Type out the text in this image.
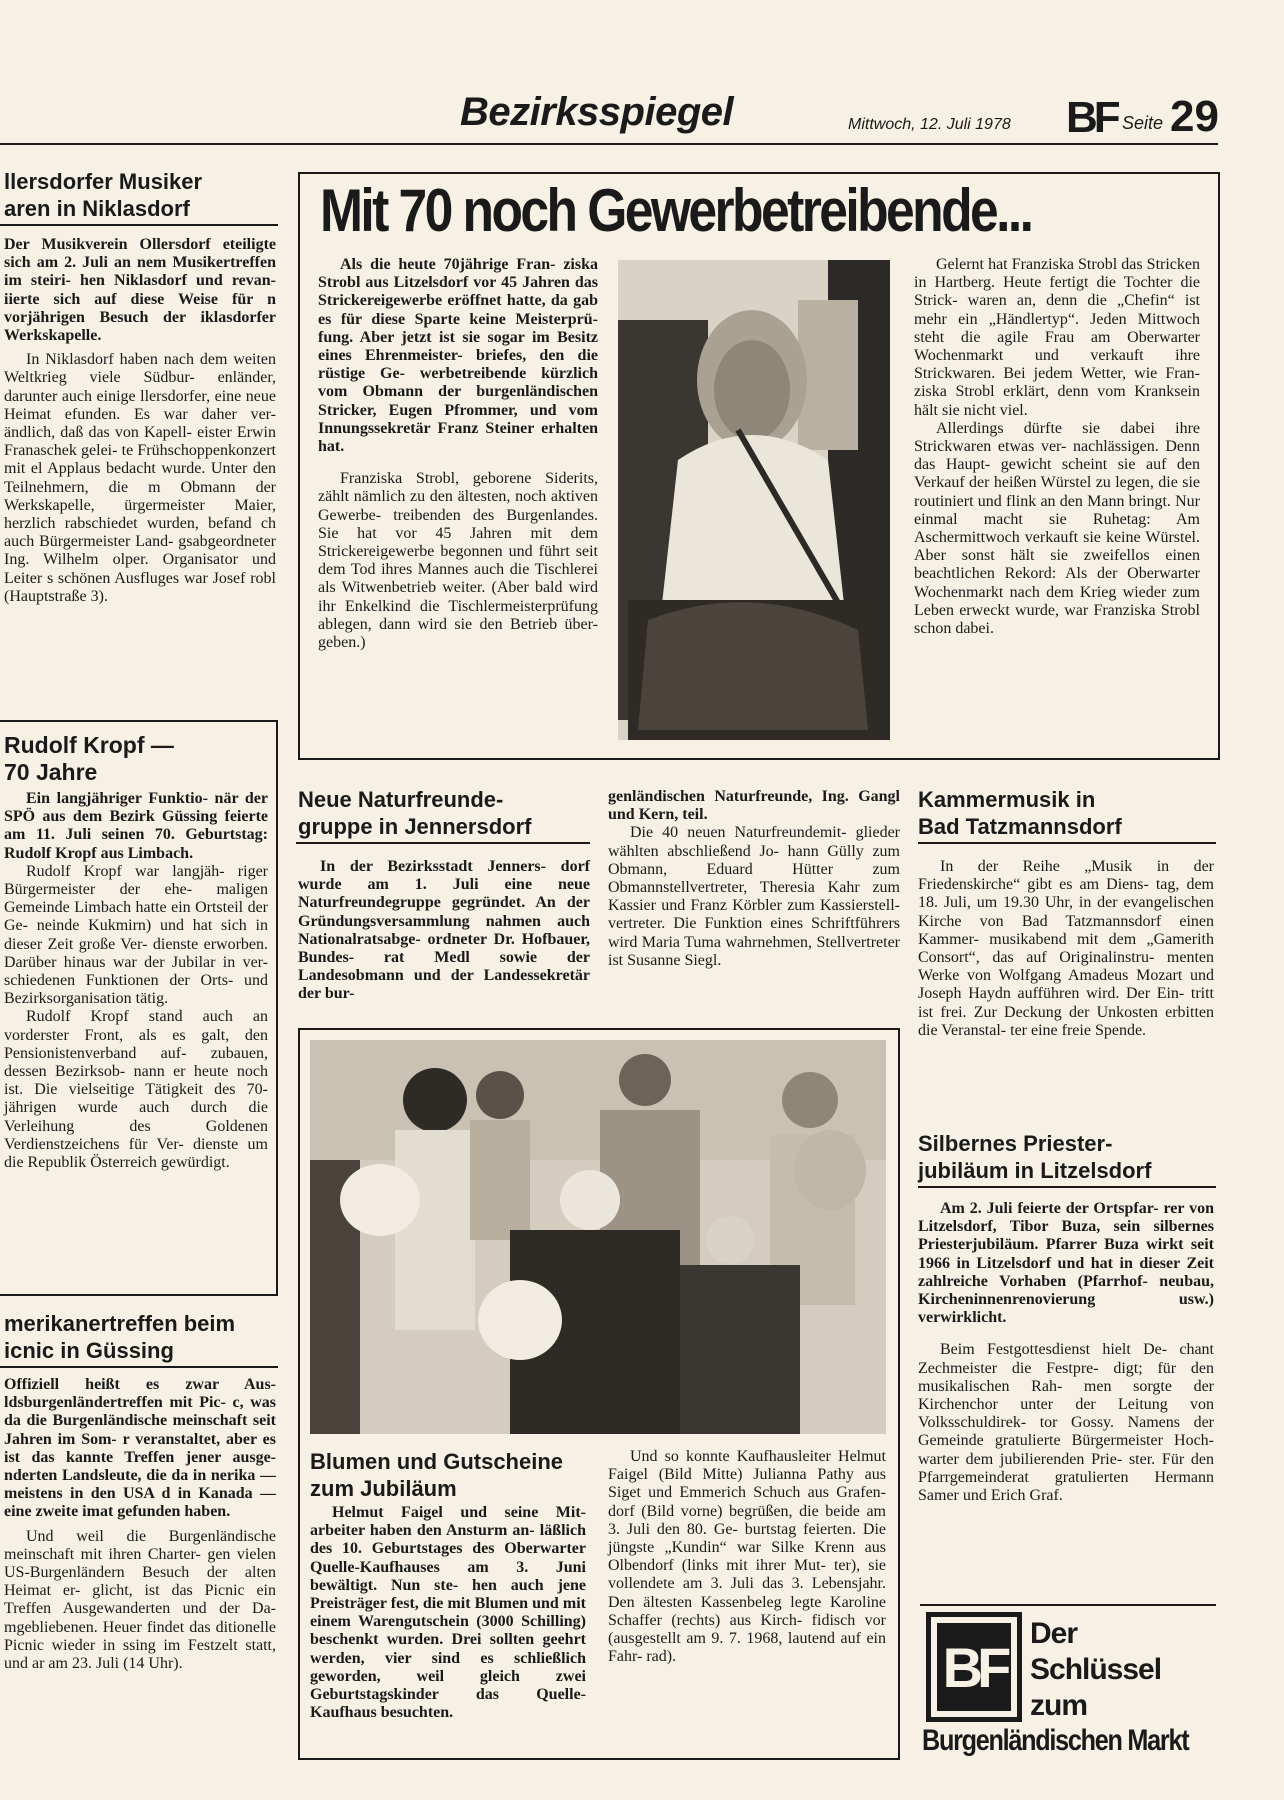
Bezirksspiegel	Mittwoch, 12. Juli 1978 BF Seite 29
llersdorfer Musiker
aren in Niklasdorf

Der Musikverein Ollersdorf eteiligte sich am 2. Juli an nem Musikertreffen im steiri- hen Niklasdorf und revan- iierte sich auf diese Weise für n vorjährigen Besuch der iklasdorfer Werkskapelle.

In Niklasdorf haben nach dem weiten Weltkrieg viele Südbur- enländer, darunter auch einige llersdorfer, eine neue Heimat efunden. Es war daher ver- ändlich, daß das von Kapell- eister Erwin Franaschek gelei- te Frühschoppenkonzert mit el Applaus bedacht wurde. Unter den Teilnehmern, die m Obmann der Werkskapelle, ürgermeister Maier, herzlich rabschiedet wurden, befand ch auch Bürgermeister Land- gsabgeordneter Ing. Wilhelm olper. Organisator und Leiter s schönen Ausfluges war Josef robl (Hauptstraße 3).

Rudolf Kropf —
70 Jahre

Ein langjähriger Funktio- när der SPÖ aus dem Bezirk Güssing feierte am 11. Juli seinen 70. Geburtstag: Rudolf Kropf aus Limbach.

Rudolf Kropf war langjäh- riger Bürgermeister der ehe- maligen Gemeinde Limbach hatte ein Ortsteil der Ge- neinde Kukmirn) und hat sich in dieser Zeit große Ver- dienste erworben. Darüber hinaus war der Jubilar in ver- schiedenen Funktionen der Orts- und Bezirksorganisation tätig.

Rudolf Kropf stand auch an vorderster Front, als es galt, den Pensionistenverband auf- zubauen, dessen Bezirksob- nann er heute noch ist. Die vielseitige Tätigkeit des 70- jährigen wurde auch durch die Verleihung des Goldenen Verdienstzeichens für Ver- dienste um die Republik Österreich gewürdigt.

merikanertreffen beim
icnic in Güssing

Offiziell heißt es zwar Aus- ldsburgenländertreffen mit Pic- c, was da die Burgenländische meinschaft seit Jahren im Som- r veranstaltet, aber es ist das kannte Treffen jener ausge- nderten Landsleute, die da in nerika — meistens in den USA d in Kanada — eine zweite imat gefunden haben.

Und weil die Burgenländische meinschaft mit ihren Charter- gen vielen US-Burgenländern Besuch der alten Heimat er- glicht, ist das Picnic ein Treffen Ausgewanderten und der Da- mgebliebenen. Heuer findet das ditionelle Picnic wieder in ssing im Festzelt statt, und ar am 23. Juli (14 Uhr).

Mit 70 noch Gewerbetreibende...

Als die heute 70jährige Fran- ziska Strobl aus Litzelsdorf vor 45 Jahren das Strickereigewerbe eröffnet hatte, da gab es für diese Sparte keine Meisterprü- fung. Aber jetzt ist sie sogar im Besitz eines Ehrenmeister- briefes, den die rüstige Ge- werbetreibende kürzlich vom Obmann der burgenländischen Stricker, Eugen Pfrommer, und vom Innungssekretär Franz Steiner erhalten hat.

Franziska Strobl, geborene Siderits, zählt nämlich zu den ältesten, noch aktiven Gewerbe- treibenden des Burgenlandes. Sie hat vor 45 Jahren mit dem Strickereigewerbe begonnen und führt seit dem Tod ihres Mannes auch die Tischlerei als Witwenbetrieb weiter. (Aber bald wird ihr Enkelkind die Tischlermeisterprüfung ablegen, dann wird sie den Betrieb über- geben.)

Gelernt hat Franziska Strobl das Stricken in Hartberg. Heute fertigt die Tochter die Strick- waren an, denn die „Chefin“ ist mehr ein „Händlertyp“. Jeden Mittwoch steht die agile Frau am Oberwarter Wochenmarkt und verkauft ihre Strickwaren. Bei jedem Wetter, wie Fran- ziska Strobl erklärt, denn vom Kranksein hält sie nicht viel.

Allerdings dürfte sie dabei ihre Strickwaren etwas ver- nachlässigen. Denn das Haupt- gewicht scheint sie auf den Verkauf der heißen Würstel zu legen, die sie routiniert und flink an den Mann bringt. Nur einmal macht sie Ruhetag: Am Aschermittwoch verkauft sie keine Würstel. Aber sonst hält sie zweifellos einen beachtlichen Rekord: Als der Oberwarter Wochenmarkt nach dem Krieg wieder zum Leben erweckt wurde, war Franziska Strobl schon dabei.

Neue Naturfreunde-
gruppe in Jennersdorf

In der Bezirksstadt Jenners- dorf wurde am 1. Juli eine neue Naturfreundegruppe gegründet. An der Gründungsversammlung nahmen auch Nationalratsabge- ordneter Dr. Hofbauer, Bundes- rat Medl sowie der Landesobmann und der Landessekretär der bur-

genländischen Naturfreunde, Ing. Gangl und Kern, teil.

Die 40 neuen Naturfreundemit- glieder wählten abschließend Jo- hann Gülly zum Obmann, Eduard Hütter zum Obmannstellvertreter, Theresia Kahr zum Kassier und Franz Körbler zum Kassierstell- vertreter. Die Funktion eines Schriftführers wird Maria Tuma wahrnehmen, Stellvertreter ist Susanne Siegl.

Blumen und Gutscheine
zum Jubiläum

Helmut Faigel und seine Mit- arbeiter haben den Ansturm an- läßlich des 10. Geburtstages des Oberwarter Quelle-Kaufhauses am 3. Juni bewältigt. Nun ste- hen auch jene Preisträger fest, die mit Blumen und mit einem Warengutschein (3000 Schilling) beschenkt wurden. Drei sollten geehrt werden, vier sind es schließlich geworden, weil gleich zwei Geburtstagskinder das Quelle-Kaufhaus besuchten.

Und so konnte Kaufhausleiter Helmut Faigel (Bild Mitte) Julianna Pathy aus Siget und Emmerich Schuch aus Grafen- dorf (Bild vorne) begrüßen, die beide am 3. Juli den 80. Ge- burtstag feierten. Die jüngste „Kundin“ war Silke Krenn aus Olbendorf (links mit ihrer Mut- ter), sie vollendete am 3. Juli das 3. Lebensjahr. Den ältesten Kassenbeleg legte Karoline Schaffer (rechts) aus Kirch- fidisch vor (ausgestellt am 9. 7. 1968, lautend auf ein Fahr- rad).

Kammermusik in
Bad Tatzmannsdorf

In der Reihe „Musik in der Friedenskirche“ gibt es am Diens- tag, dem 18. Juli, um 19.30 Uhr, in der evangelischen Kirche von Bad Tatzmannsdorf einen Kammer- musikabend mit dem „Gamerith Consort“, das auf Originalinstru- menten Werke von Wolfgang Amadeus Mozart und Joseph Haydn aufführen wird. Der Ein- tritt ist frei. Zur Deckung der Unkosten erbitten die Veranstal- ter eine freie Spende.

Silbernes Priester-
jubiläum in Litzelsdorf

Am 2. Juli feierte der Ortspfar- rer von Litzelsdorf, Tibor Buza, sein silbernes Priesterjubiläum. Pfarrer Buza wirkt seit 1966 in Litzelsdorf und hat in dieser Zeit zahlreiche Vorhaben (Pfarrhof- neubau, Kircheninnenrenovierung usw.) verwirklicht.

Beim Festgottesdienst hielt De- chant Zechmeister die Festpre- digt; für den musikalischen Rah- men sorgte der Kirchenchor unter der Leitung von Volksschuldirek- tor Gossy. Namens der Gemeinde gratulierte Bürgermeister Hoch- warter dem jubilierenden Prie- ster. Für den Pfarrgemeinderat gratulierten Hermann Samer und Erich Graf.

BF
Der
Schlüssel
zum
Burgenländischen Markt
